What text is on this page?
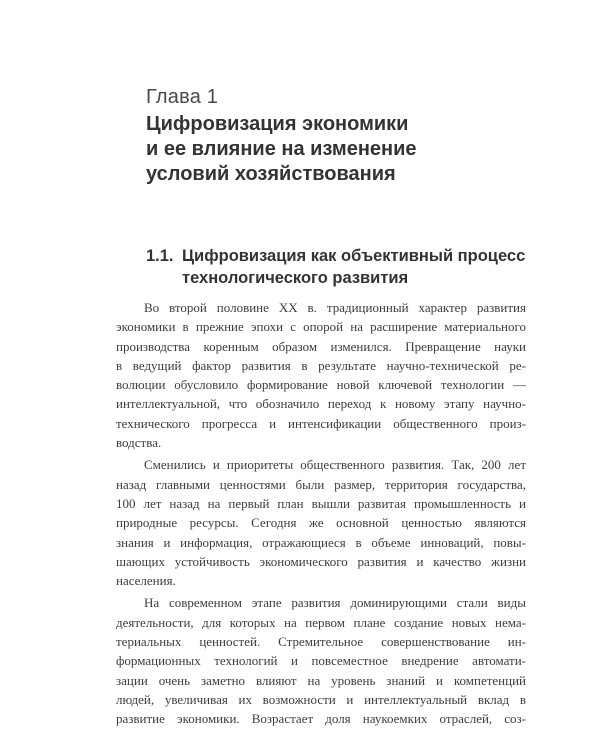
Глава 1
Цифровизация экономики
и ее влияние на изменение
условий хозяйствования
1.1. Цифровизация как объективный процесс
технологического развития
Во второй половине XX в. традиционный характер развития
экономики в прежние эпохи с опорой на расширение материального
производства коренным образом изменился. Превращение науки
в ведущий фактор развития в результате научно-технической ре-
волюции обусловило формирование новой ключевой технологии —
интеллектуальной, что обозначило переход к новому этапу научно-
технического прогресса и интенсификации общественного произ-
водства.
Сменились и приоритеты общественного развития. Так, 200 лет
назад главными ценностями были размер, территория государства,
100 лет назад на первый план вышли развитая промышленность и
природные ресурсы. Сегодня же основной ценностью являются
знания и информация, отражающиеся в объеме инноваций, повы-
шающих устойчивость экономического развития и качество жизни
населения.
На современном этапе развития доминирующими стали виды
деятельности, для которых на первом плане создание новых нема-
териальных ценностей. Стремительное совершенствование ин-
формационных технологий и повсеместное внедрение автомати-
зации очень заметно влияют на уровень знаний и компетенций
людей, увеличивая их возможности и интеллектуальный вклад в
развитие экономики. Возрастает доля наукоемких отраслей, соз-
